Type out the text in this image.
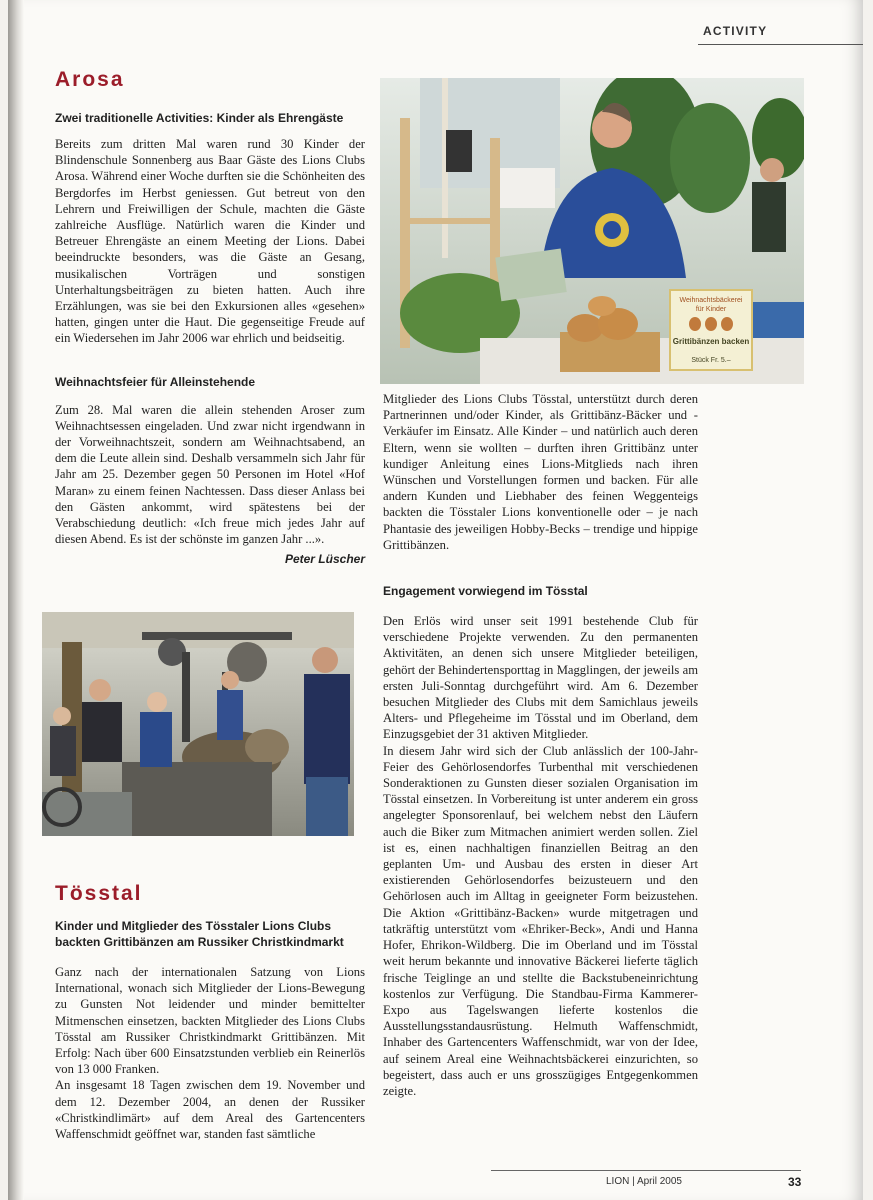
ACTIVITY
Arosa
Zwei traditionelle Activities: Kinder als Ehrengäste

Bereits zum dritten Mal waren rund 30 Kinder der Blindenschule Sonnenberg aus Baar Gäste des Lions Clubs Arosa. Während einer Woche durften sie die Schönheiten des Bergdorfes im Herbst geniessen. Gut betreut von den Lehrern und Freiwilligen der Schule, machten die Gäste zahlreiche Ausflüge. Natürlich waren die Kinder und Betreuer Ehrengäste an einem Meeting der Lions. Dabei beeindruckte besonders, was die Gäste an Gesang, musikalischen Vorträgen und sonstigen Unterhaltungsbeiträgen zu bieten hatten. Auch ihre Erzählungen, was sie bei den Exkursionen alles «gesehen» hatten, gingen unter die Haut. Die gegenseitige Freude auf ein Wiedersehen im Jahr 2006 war ehrlich und beidseitig.

Weihnachtsfeier für Alleinstehende

Zum 28. Mal waren die allein stehenden Aroser zum Weihnachtsessen eingeladen. Und zwar nicht irgendwann in der Vorweihnachtszeit, sondern am Weihnachtsabend, an dem die Leute allein sind. Deshalb versammeln sich Jahr für Jahr am 25. Dezember gegen 50 Personen im Hotel «Hof Maran» zu einem feinen Nachtessen. Dass dieser Anlass bei den Gästen ankommt, wird spätestens bei der Verabschiedung deutlich: «Ich freue mich jedes Jahr auf diesen Abend. Es ist der schönste im ganzen Jahr ...».

Peter Lüscher
Tösstal
Kinder und Mitglieder des Tösstaler Lions Clubs backten Grittibänzen am Russiker Christkindmarkt

Ganz nach der internationalen Satzung von Lions International, wonach sich Mitglieder der Lions-Bewegung zu Gunsten Not leidender und minder bemittelter Mitmenschen einsetzen, backten Mitglieder des Lions Clubs Tösstal am Russiker Christkindmarkt Grittibänzen. Mit Erfolg: Nach über 600 Einsatzstunden verblieb ein Reinerlös von 13 000 Franken.

An insgesamt 18 Tagen zwischen dem 19. November und dem 12. Dezember 2004, an denen der Russiker «Christkindlimärt» auf dem Areal des Gartencenters Waffenschmidt geöffnet war, standen fast sämtliche

Weihnachtsbäckerei
für Kinder
Grittibänzen backen
Stück Fr. 5.–

Mitglieder des Lions Clubs Tösstal, unterstützt durch deren Partnerinnen und/oder Kinder, als Grittibänz-Bäcker und -Verkäufer im Einsatz. Alle Kinder – und natürlich auch deren Eltern, wenn sie wollten – durften ihren Grittibänz unter kundiger Anleitung eines Lions-Mitglieds nach ihren Wünschen und Vorstellungen formen und backen. Für alle andern Kunden und Liebhaber des feinen Weggenteigs backten die Tösstaler Lions konventionelle oder – je nach Phantasie des jeweiligen Hobby-Becks – trendige und hippige Grittibänzen.

Engagement vorwiegend im Tösstal

Den Erlös wird unser seit 1991 bestehende Club für verschiedene Projekte verwenden. Zu den permanenten Aktivitäten, an denen sich unsere Mitglieder beteiligen, gehört der Behindertensporttag in Magglingen, der jeweils am ersten Juli-Sonntag durchgeführt wird. Am 6. Dezember besuchen Mitglieder des Clubs mit dem Samichlaus jeweils Alters- und Pflegeheime im Tösstal und im Oberland, dem Einzugsgebiet der 31 aktiven Mitglieder.

In diesem Jahr wird sich der Club anlässlich der 100-Jahr-Feier des Gehörlosendorfes Turbenthal mit verschiedenen Sonderaktionen zu Gunsten dieser sozialen Organisation im Tösstal einsetzen. In Vorbereitung ist unter anderem ein gross angelegter Sponsorenlauf, bei welchem nebst den Läufern auch die Biker zum Mitmachen animiert werden sollen. Ziel ist es, einen nachhaltigen finanziellen Beitrag an den geplanten Um- und Ausbau des ersten in dieser Art existierenden Gehörlosendorfes beizusteuern und den Gehörlosen auch im Alltag in geeigneter Form beizustehen. Die Aktion «Grittibänz-Backen» wurde mitgetragen und tatkräftig unterstützt vom «Ehriker-Beck», Andi und Hanna Hofer, Ehrikon-Wildberg. Die im Oberland und im Tösstal weit herum bekannte und innovative Bäckerei lieferte täglich frische Teiglinge an und stellte die Backstubeneinrichtung kostenlos zur Verfügung. Die Standbau-Firma Kammerer-Expo aus Tagelswangen lieferte kostenlos die Ausstellungsstandausrüstung. Helmuth Waffenschmidt, Inhaber des Gartencenters Waffenschmidt, war von der Idee, auf seinem Areal eine Weihnachtsbäckerei einzurichten, so begeistert, dass auch er uns grosszügiges Entgegenkommen zeigte.

LION | April 2005	33
